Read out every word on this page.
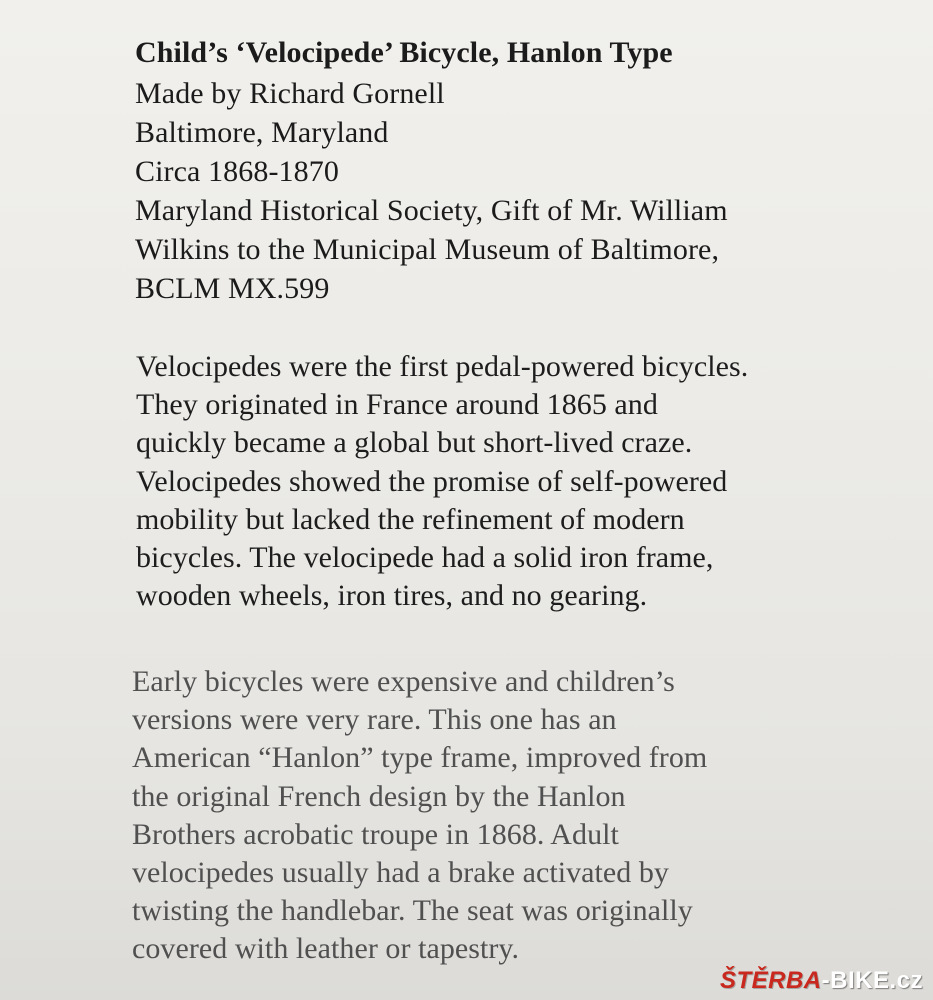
Child’s ‘Velocipede’ Bicycle, Hanlon Type
Made by Richard Gornell
Baltimore, Maryland
Circa 1868-1870
Maryland Historical Society, Gift of Mr. William
Wilkins to the Municipal Museum of Baltimore,
BCLM MX.599
Velocipedes were the first pedal-powered bicycles.
They originated in France around 1865 and
quickly became a global but short-lived craze.
Velocipedes showed the promise of self-powered
mobility but lacked the refinement of modern
bicycles. The velocipede had a solid iron frame,
wooden wheels, iron tires, and no gearing.
Early bicycles were expensive and children’s
versions were very rare. This one has an
American “Hanlon” type frame, improved from
the original French design by the Hanlon
Brothers acrobatic troupe in 1868. Adult
velocipedes usually had a brake activated by
twisting the handlebar. The seat was originally
covered with leather or tapestry.
ŠTĚRBA-BIKE.cz
